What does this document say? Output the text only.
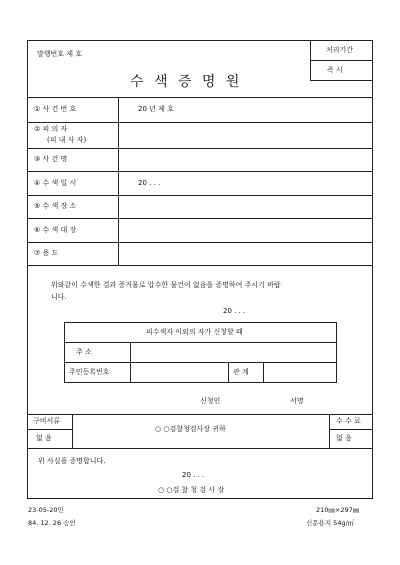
발행번호 제 호
수 색 증 명 원
처리기간
즉 시
① 사 건 번 호	20 년 제 호
② 피 의 자
(피 내 사 자)
③ 사 건 명
④ 수 색 일 시	20 . . .
⑤ 수 색 장 소
⑥ 수 색 대 장
⑦ 용 도
위와같이 수색한 결과 증거물로 압수한 물건이 없음을 증명하여 주시기 바랍
니다.
20 . . .
피수색자 이외의 자가 신청할 때
주 소
주민등록번호	관 계
신청인	서명
구비서류
없 음
○ ○검찰청검사장 귀하
수 수 료
없 음
위 사실을 증명합니다.
20 . . .
○ ○검 찰 청 검 사 장
23-05-20민
84. 12. 26 승인
210㎜×297㎜
신문용지 54g/㎡
